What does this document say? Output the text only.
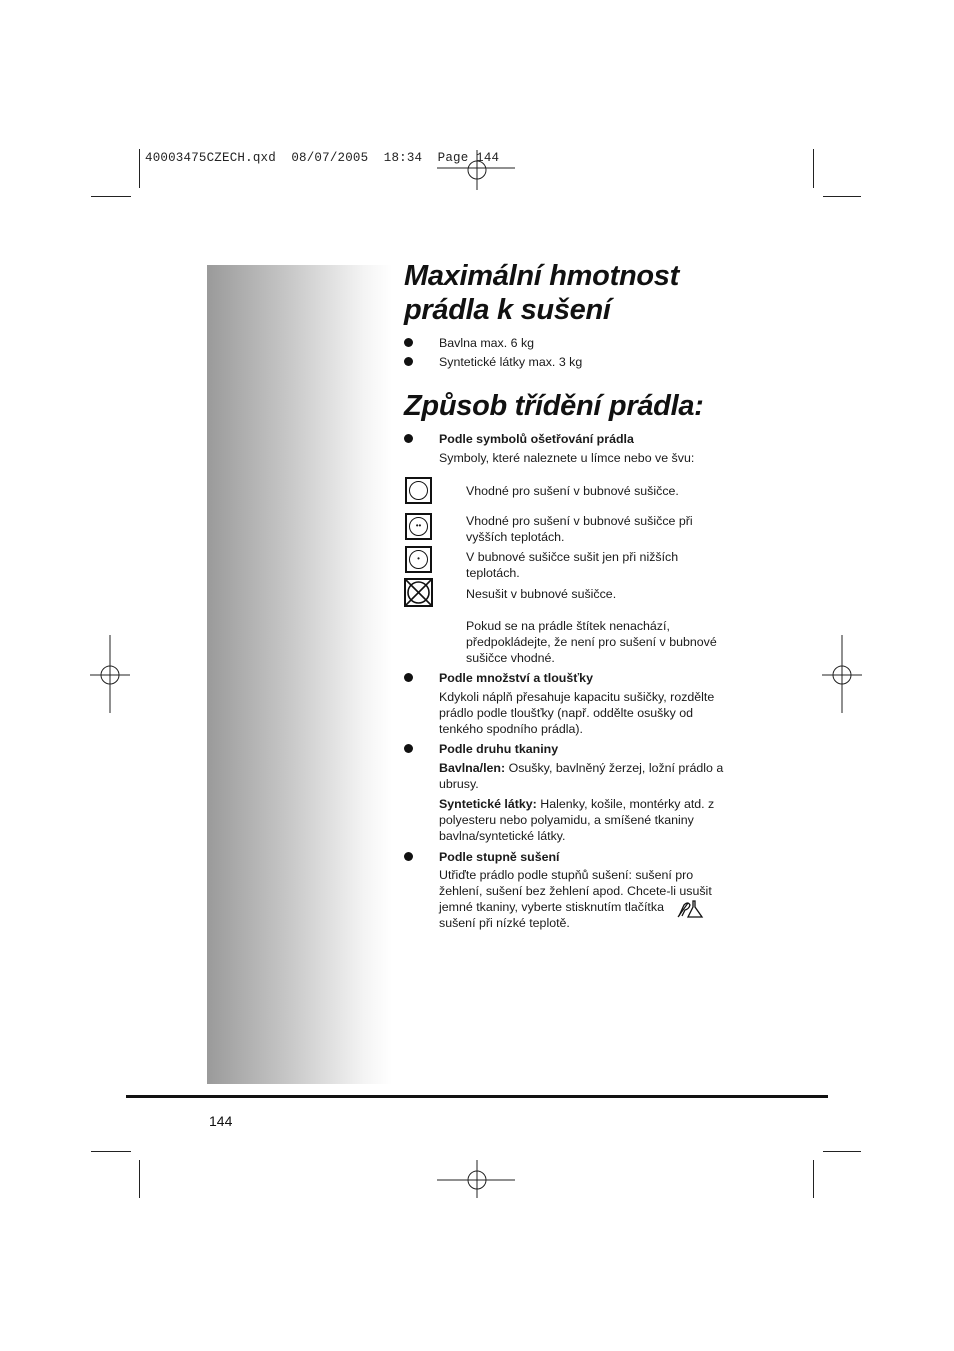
40003475CZECH.qxd  08/07/2005  18:34  Page 144
Maximální hmotnost
prádla k sušení
Bavlna max. 6 kg
Syntetické látky max. 3 kg
Způsob třídění prádla:
Podle symbolů ošetřování prádla
Symboly, které naleznete u límce nebo ve švu:
Vhodné pro sušení v bubnové sušičce.
••	Vhodné pro sušení v bubnové sušičce při
vyšších teplotách.
•	V bubnové sušičce sušit jen při nižších
teplotách.
Nesušit v bubnové sušičce.
Pokud se na prádle štítek nenachází,
předpokládejte, že není pro sušení v bubnové
sušičce vhodné.
Podle množství a tloušťky
Kdykoli náplň přesahuje kapacitu sušičky, rozdělte
prádlo podle tloušťky (např. oddělte osušky od
tenkého spodního prádla).
Podle druhu tkaniny
Bavlna/len: Osušky, bavlněný žerzej, ložní prádlo a
ubrusy.
Syntetické látky: Halenky, košile, montérky atd. z
polyesteru nebo polyamidu, a smíšené tkaniny
bavlna/syntetické látky.
Podle stupně sušení
Utřiďte prádlo podle stupňů sušení: sušení pro
žehlení, sušení bez žehlení apod. Chcete-li usušit
jemné tkaniny, vyberte stisknutím tlačítka
sušení při nízké teplotě.
144
